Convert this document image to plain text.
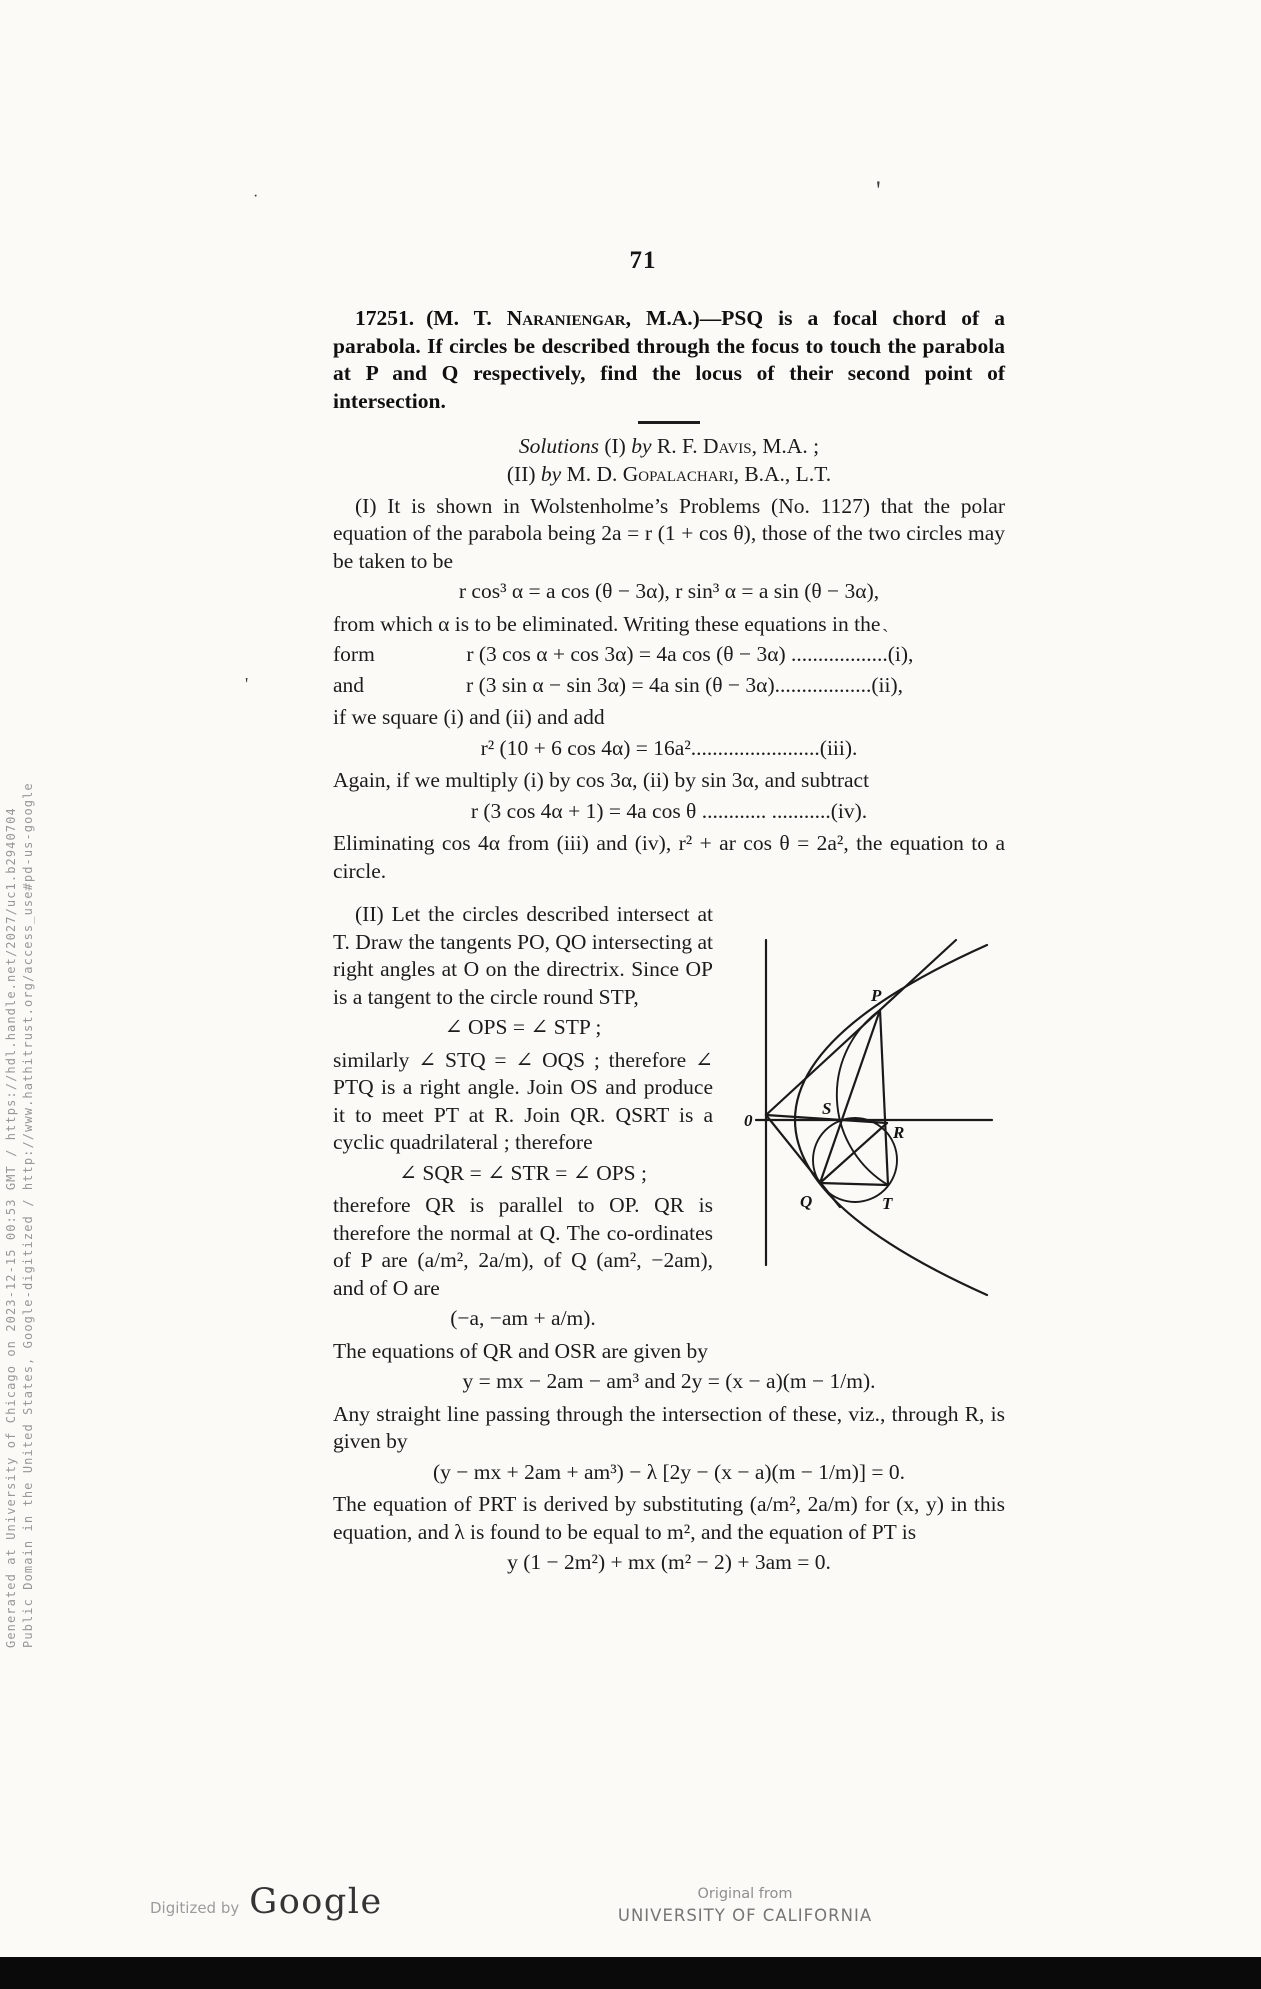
Generated at University of Chicago on 2023-12-15 00:53 GMT / https://hdl.handle.net/2027/uc1.b2940704 Public Domain in the United States, Google-digitized / http://www.hathitrust.org/access_use#pd-us-google
'
·
'
`
71

17251. (M. T. Naraniengar, M.A.)—PSQ is a focal chord of a parabola. If circles be described through the focus to touch the parabola at P and Q respectively, find the locus of their second point of intersection.

Solutions (I) by R. F. Davis, M.A. ;
(II) by M. D. Gopalachari, B.A., L.T.

(I) It is shown in Wolstenholme’s Problems (No. 1127) that the polar equation of the parabola being 2a = r (1 + cos θ), those of the two circles may be taken to be

r cos³ α = a cos (θ − 3α), r sin³ α = a sin (θ − 3α),

from which α is to be eliminated. Writing these equations in the

form	r (3 cos α + cos 3α) = 4a cos (θ − 3α) ..................(i),
and	r (3 sin α − sin 3α) = 4a sin (θ − 3α)..................(ii),

if we square (i) and (ii) and add

r² (10 + 6 cos 4α) = 16a²........................(iii).

Again, if we multiply (i) by cos 3α, (ii) by sin 3α, and subtract

r (3 cos 4α + 1) = 4a cos θ ............ ...........(iv).

Eliminating cos 4α from (iii) and (iv), r² + ar cos θ = 2a², the equation to a circle.

(II) Let the circles described intersect at T. Draw the tangents PO, QO intersecting at right angles at O on the directrix. Since OP is a tangent to the circle round STP,

∠ OPS = ∠ STP ;

similarly ∠ STQ = ∠ OQS ; therefore ∠ PTQ is a right angle. Join OS and produce it to meet PT at R. Join QR. QSRT is a cyclic quadrilateral ; therefore

∠ SQR = ∠ STR = ∠ OPS ;

therefore QR is parallel to OP. QR is therefore the normal at Q. The co-ordinates of P are (a/m², 2a/m), of Q (am², −2am), and of O are

(−a, −am + a/m).

The equations of QR and OSR are given by

y = mx − 2am − am³ and 2y = (x − a)(m − 1/m).

Any straight line passing through the intersection of these, viz., through R, is given by

(y − mx + 2am + am³) − λ [2y − (x − a)(m − 1/m)] = 0.

The equation of PRT is derived by substituting (a/m², 2a/m) for (x, y) in this equation, and λ is found to be equal to m², and the equation of PT is

y (1 − 2m²) + mx (m² − 2) + 3am = 0.
P
0
S
R
Q	T
Digitized by Google	Original from
UNIVERSITY OF CALIFORNIA
